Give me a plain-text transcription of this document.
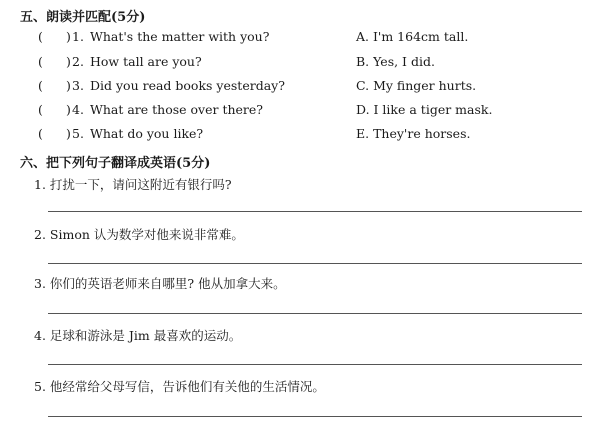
五、朗读并匹配(5分)
( ) 1. What's the matter with you?
( ) 2. How tall are you?
( ) 3. Did you read books yesterday?
( ) 4. What are those over there?
( ) 5. What do you like?
A. I'm 164cm tall.
B. Yes, I did.
C. My finger hurts.
D. I like a tiger mask.
E. They're horses.
六、把下列句子翻译成英语(5分)
1. 打扰一下，请问这附近有银行吗?
2. Simon 认为数学对他来说非常难。
3. 你们的英语老师来自哪里? 他从加拿大来。
4. 足球和游泳是 Jim 最喜欢的运动。
5. 他经常给父母写信，告诉他们有关他的生活情况。
